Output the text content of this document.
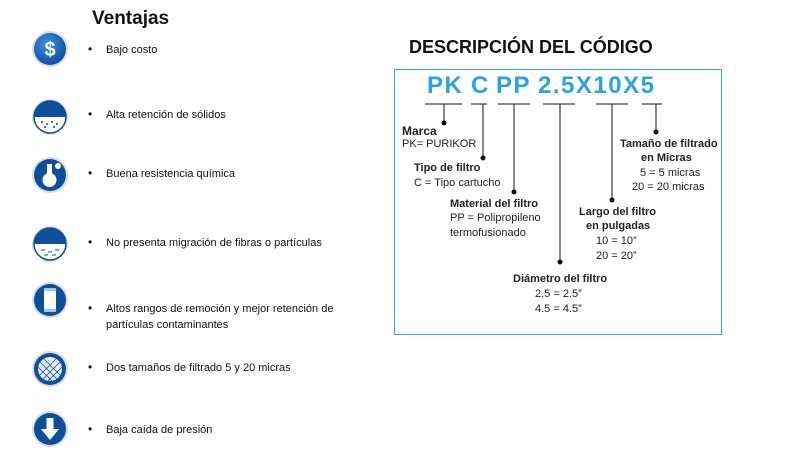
Ventajas
$	• Bajo costo
• Alta retención de sólidos
• Buena resistencia química
• No presenta migración de fibras o partículas
• Altos rangos de remoción y mejor retención de partículas contaminantes
• Dos tamaños de filtrado 5 y 20 micras
• Baja caída de presión
DESCRIPCIÓN DEL CÓDIGO
PK C PP 2.5X10X5
Marca
PK= PURIKOR
Tipo de filtro
C = Tipo cartucho
Material del filtro
PP = Polipropileno
termofusionado
Diámetro del filtro
2.5 = 2.5”
4.5 = 4.5”
Largo del filtro
en pulgadas
10 = 10”
20 = 20”
Tamaño de filtrado
en Micras
5 = 5 micras
20 = 20 micras
